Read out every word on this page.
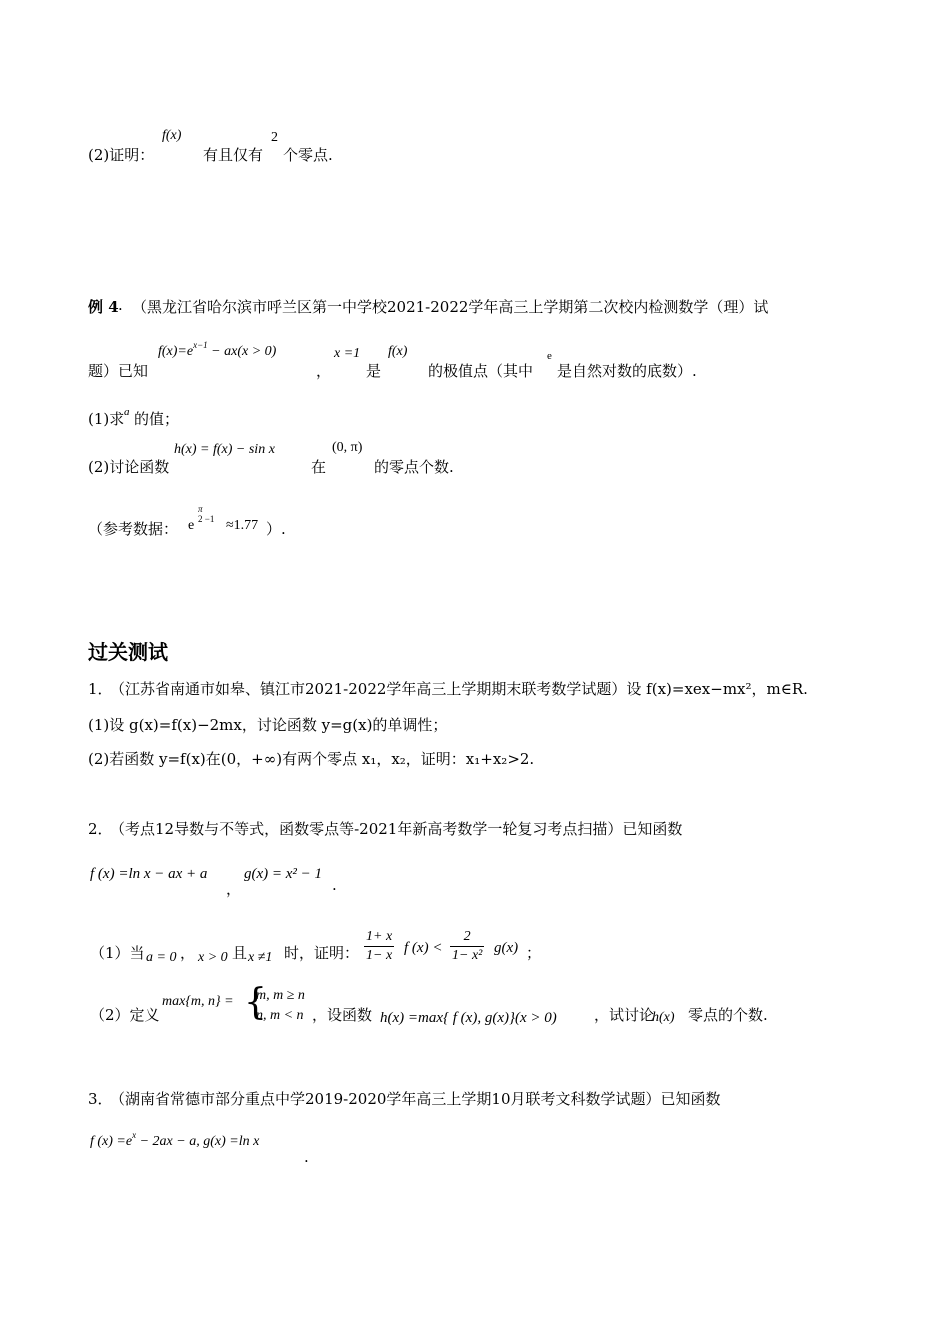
(2)证明：
f(x)
有且仅有
2
个零点.
例 4 . （黑龙江省哈尔滨市呼兰区第一中学校2021-2022学年高三上学期第二次校内检测数学（理）试
题）已知
$f(x)=e^{x-1} - ax(x > 0)$
，
x =1
是
f(x)
的极值点（其中
e
是自然对数的底数）.
(1)求 a 的值；
(2)讨论函数
h(x) = f(x) − sin x
在
(0, π)
的零点个数.
（参考数据： e
π
2 −1 ≈1.77 ）.
过关测试
1．
（江苏省南通市如皋、镇江市2021-2022学年高三上学期期末联考数学试题）设 f(x)=xex−mx²，m∈R.
(1)设 g(x)=f(x)−2mx，讨论函数 y=g(x)的单调性；
(2)若函数 y=f(x)在(0，+∞)有两个零点 x₁，x₂，证明：x₁+x₂>2.
2．
（考点12导数与不等式，函数零点等-2021年新高考数学一轮复习考点扫描）已知函数
f (x) =ln x − ax + a
，
g(x) = x² − 1
.
（1）当 a = 0 ， x > 0 且 x ≠1 时，证明： $\frac{1+ x}{1- x}$ f $(x) < \frac{2}{\text{1− x²}} g(x)$ ；
（2）定义
max{m, n} = {
m, m ≥ n
n, m < n ，设函数 h(x) =max{ f (x), g(x)}(x > 0) ，试讨论
h(x) 零点的个数.
3．
（湖南省常德市部分重点中学2019-2020学年高三上学期10月联考文科数学试题）已知函数
f $(x) =e^x - 2ax - a$, g(x) =ln x
.
